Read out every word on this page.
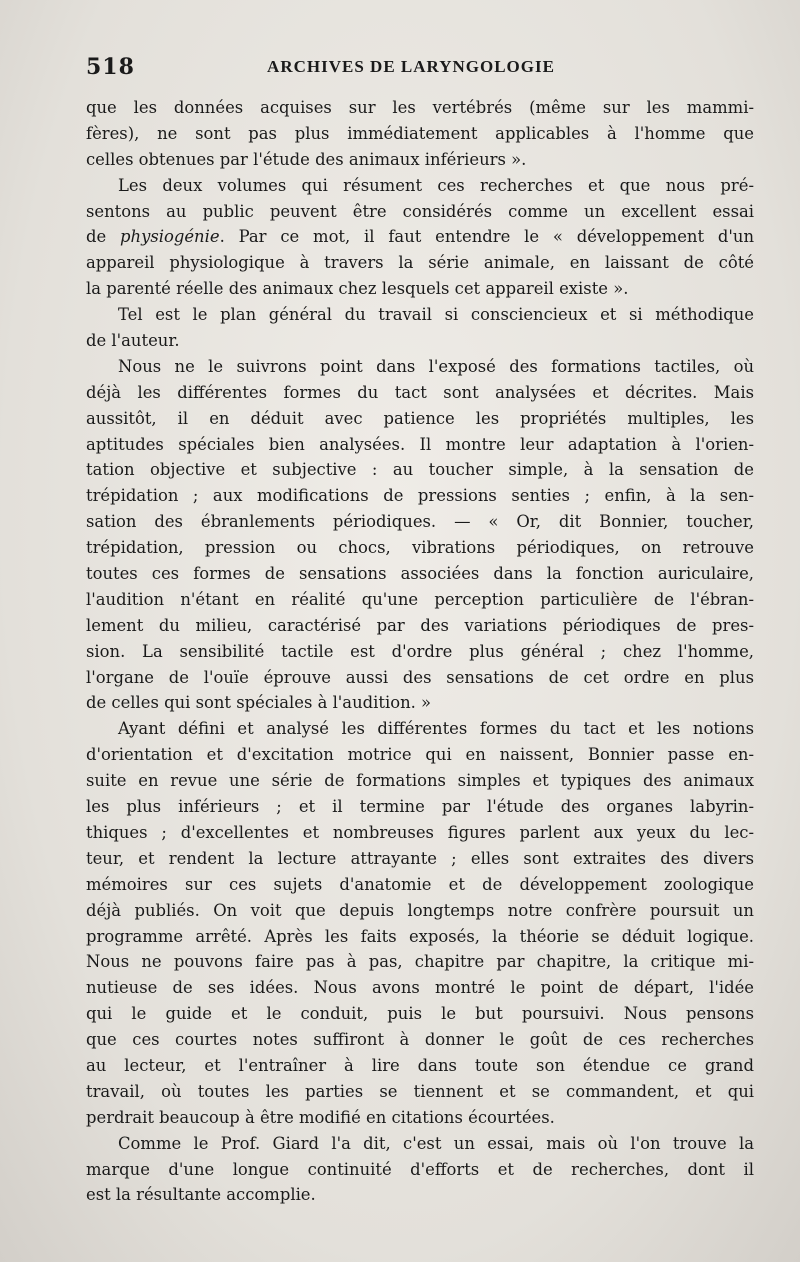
518	ARCHIVES DE LARYNGOLOGIE
que les données acquises sur les vertébrés (même sur les mammi-
fères), ne sont pas plus immédiatement applicables à l'homme que
celles obtenues par l'étude des animaux inférieurs ».
Les deux volumes qui résument ces recherches et que nous pré-
sentons au public peuvent être considérés comme un excellent essai
de physiogénie. Par ce mot, il faut entendre le « développement d'un
appareil physiologique à travers la série animale, en laissant de côté
la parenté réelle des animaux chez lesquels cet appareil existe ».
Tel est le plan général du travail si consciencieux et si méthodique
de l'auteur.
Nous ne le suivrons point dans l'exposé des formations tactiles, où
déjà les différentes formes du tact sont analysées et décrites. Mais
aussitôt, il en déduit avec patience les propriétés multiples, les
aptitudes spéciales bien analysées. Il montre leur adaptation à l'orien-
tation objective et subjective : au toucher simple, à la sensation de
trépidation ; aux modifications de pressions senties ; enfin, à la sen-
sation des ébranlements périodiques. — « Or, dit Bonnier, toucher,
trépidation, pression ou chocs, vibrations périodiques, on retrouve
toutes ces formes de sensations associées dans la fonction auriculaire,
l'audition n'étant en réalité qu'une perception particulière de l'ébran-
lement du milieu, caractérisé par des variations périodiques de pres-
sion. La sensibilité tactile est d'ordre plus général ; chez l'homme,
l'organe de l'ouïe éprouve aussi des sensations de cet ordre en plus
de celles qui sont spéciales à l'audition. »
Ayant défini et analysé les différentes formes du tact et les notions
d'orientation et d'excitation motrice qui en naissent, Bonnier passe en-
suite en revue une série de formations simples et typiques des animaux
les plus inférieurs ; et il termine par l'étude des organes labyrin-
thiques ; d'excellentes et nombreuses figures parlent aux yeux du lec-
teur, et rendent la lecture attrayante ; elles sont extraites des divers
mémoires sur ces sujets d'anatomie et de développement zoologique
déjà publiés. On voit que depuis longtemps notre confrère poursuit un
programme arrêté. Après les faits exposés, la théorie se déduit logique.
Nous ne pouvons faire pas à pas, chapitre par chapitre, la critique mi-
nutieuse de ses idées. Nous avons montré le point de départ, l'idée
qui le guide et le conduit, puis le but poursuivi. Nous pensons
que ces courtes notes suffiront à donner le goût de ces recherches
au lecteur, et l'entraîner à lire dans toute son étendue ce grand
travail, où toutes les parties se tiennent et se commandent, et qui
perdrait beaucoup à être modifié en citations écourtées.
Comme le Prof. Giard l'a dit, c'est un essai, mais où l'on trouve la
marque d'une longue continuité d'efforts et de recherches, dont il
est la résultante accomplie.
